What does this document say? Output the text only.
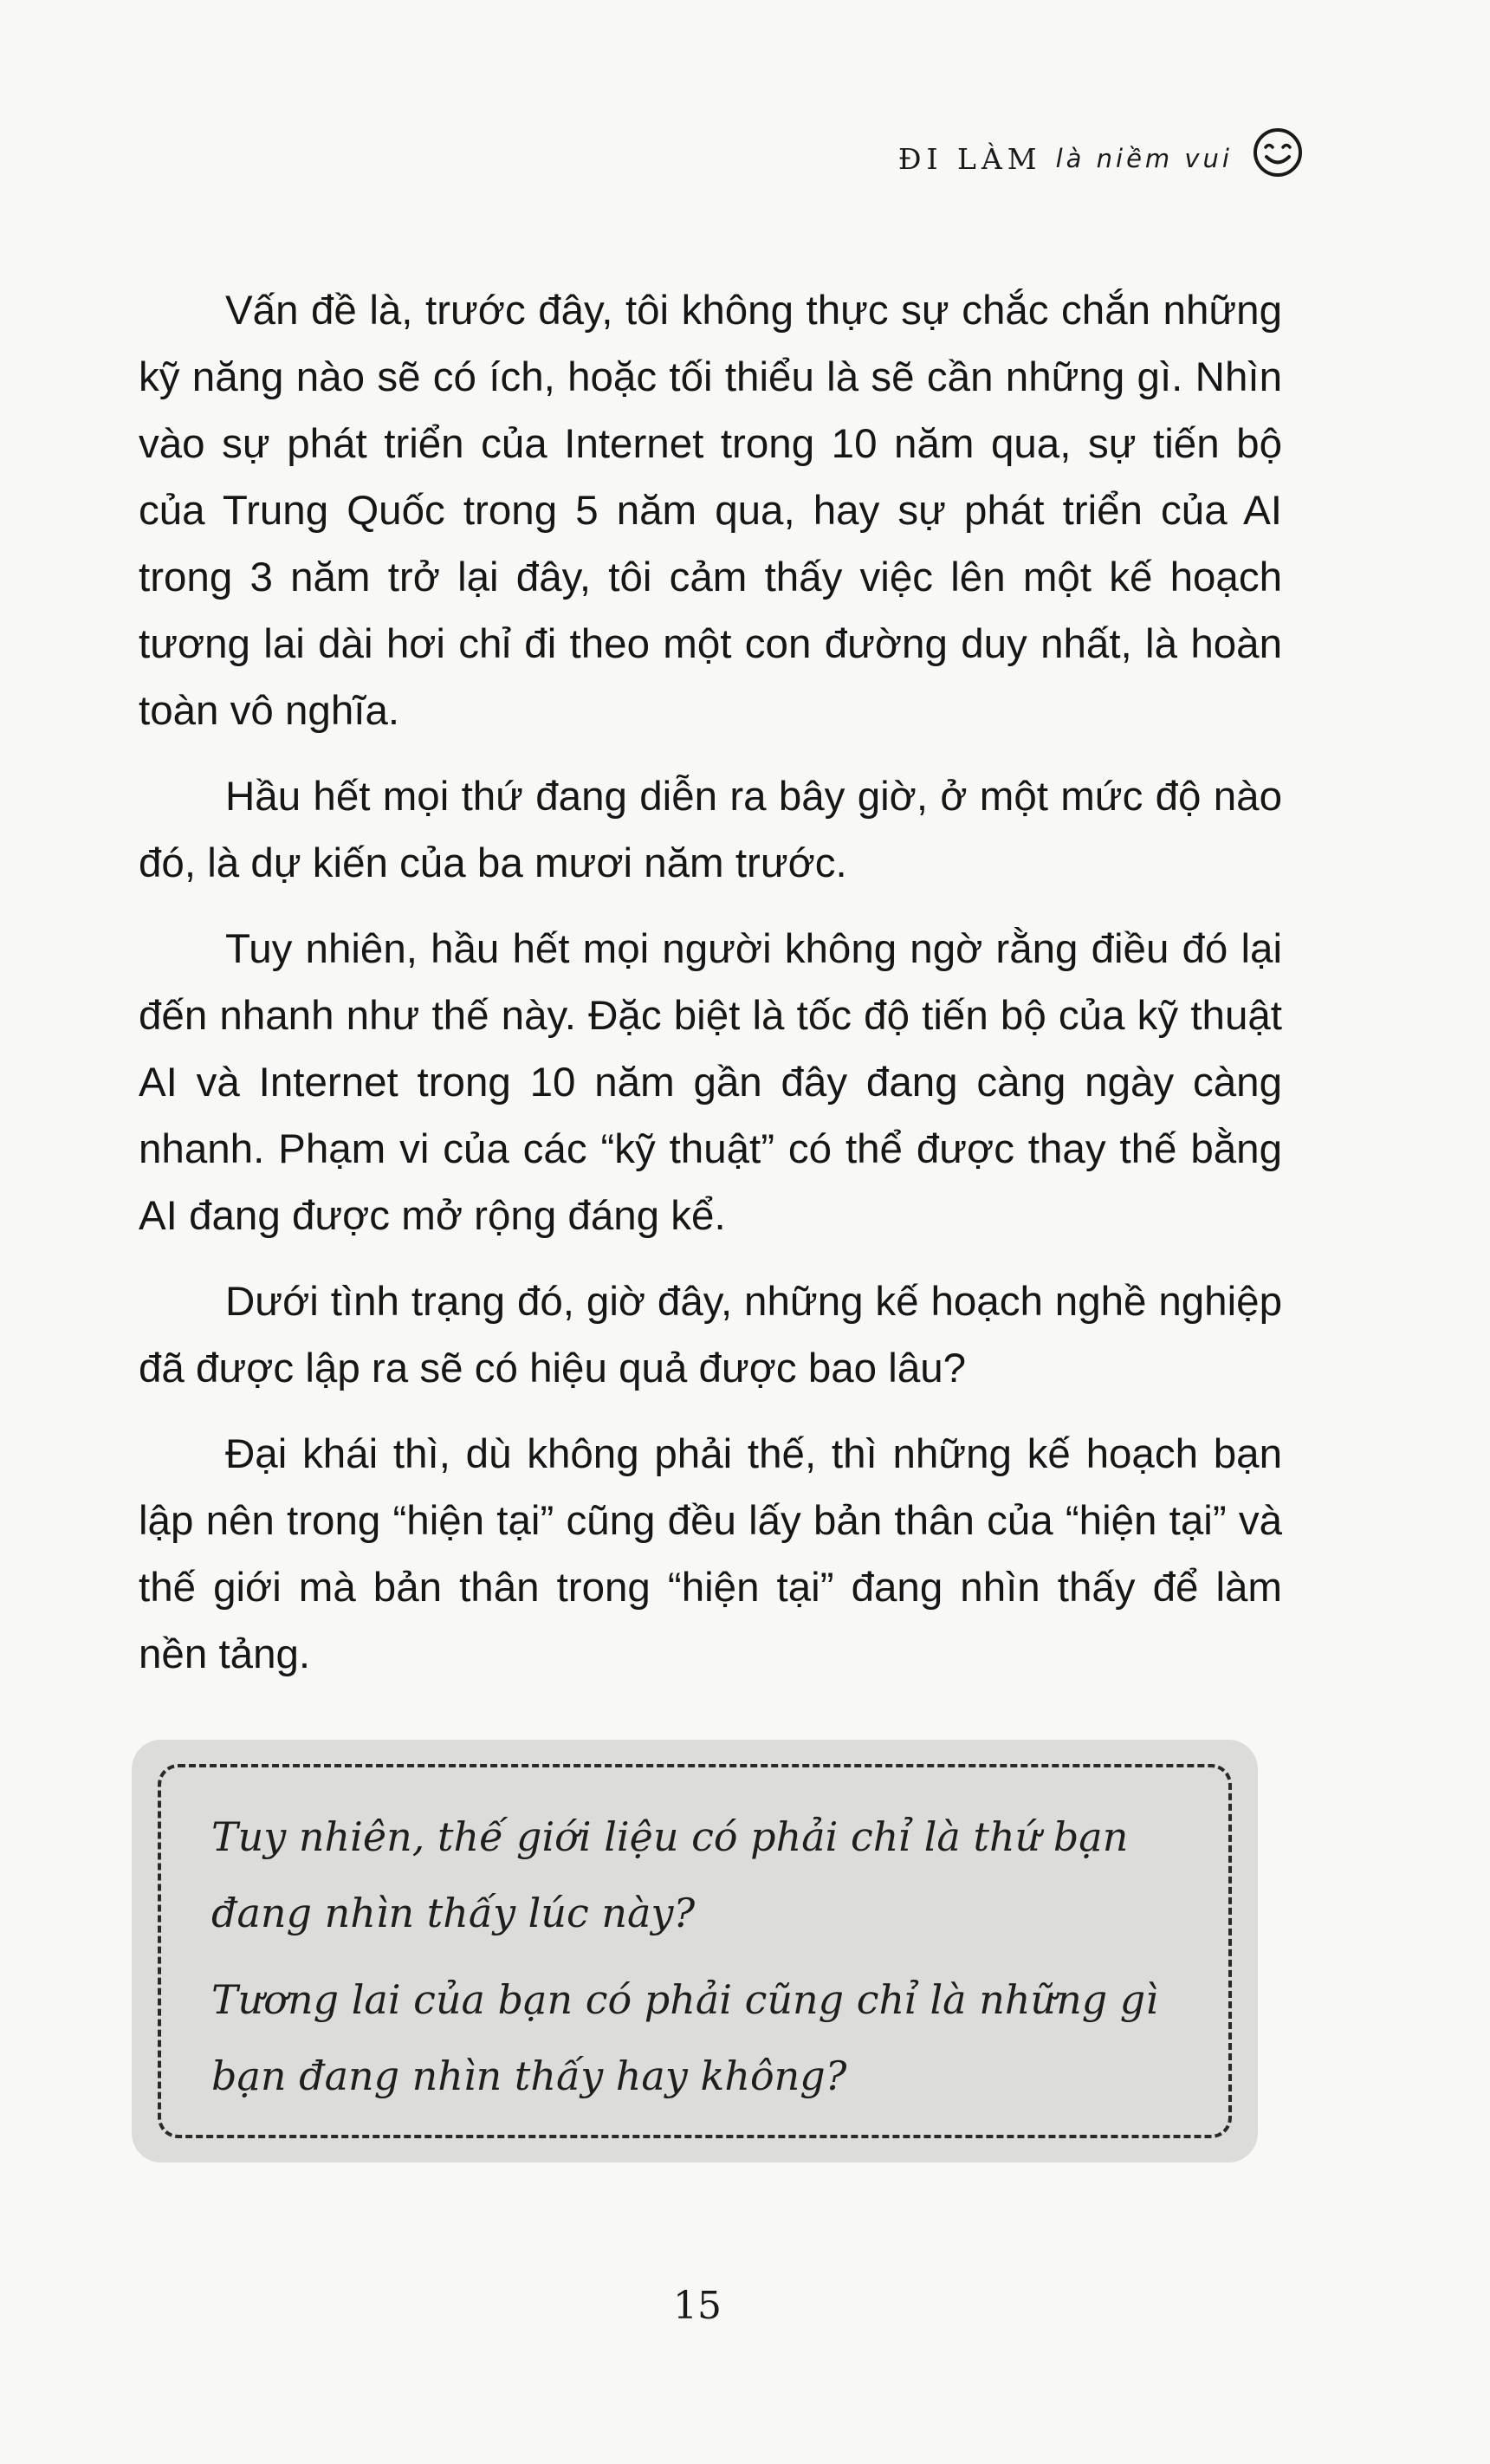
ĐI LÀM là niềm vui

Vấn đề là, trước đây, tôi không thực sự chắc chắn những kỹ năng nào sẽ có ích, hoặc tối thiểu là sẽ cần những gì. Nhìn vào sự phát triển của Internet trong 10 năm qua, sự tiến bộ của Trung Quốc trong 5 năm qua, hay sự phát triển của AI trong 3 năm trở lại đây, tôi cảm thấy việc lên một kế hoạch tương lai dài hơi chỉ đi theo một con đường duy nhất, là hoàn toàn vô nghĩa.

Hầu hết mọi thứ đang diễn ra bây giờ, ở một mức độ nào đó, là dự kiến của ba mươi năm trước.

Tuy nhiên, hầu hết mọi người không ngờ rằng điều đó lại đến nhanh như thế này. Đặc biệt là tốc độ tiến bộ của kỹ thuật AI và Internet trong 10 năm gần đây đang càng ngày càng nhanh. Phạm vi của các “kỹ thuật” có thể được thay thế bằng AI đang được mở rộng đáng kể.

Dưới tình trạng đó, giờ đây, những kế hoạch nghề nghiệp đã được lập ra sẽ có hiệu quả được bao lâu?

Đại khái thì, dù không phải thế, thì những kế hoạch bạn lập nên trong “hiện tại” cũng đều lấy bản thân của “hiện tại” và thế giới mà bản thân trong “hiện tại” đang nhìn thấy để làm nền tảng.

Tuy nhiên, thế giới liệu có phải chỉ là thứ bạn đang nhìn thấy lúc này?

Tương lai của bạn có phải cũng chỉ là những gì bạn đang nhìn thấy hay không?

15
